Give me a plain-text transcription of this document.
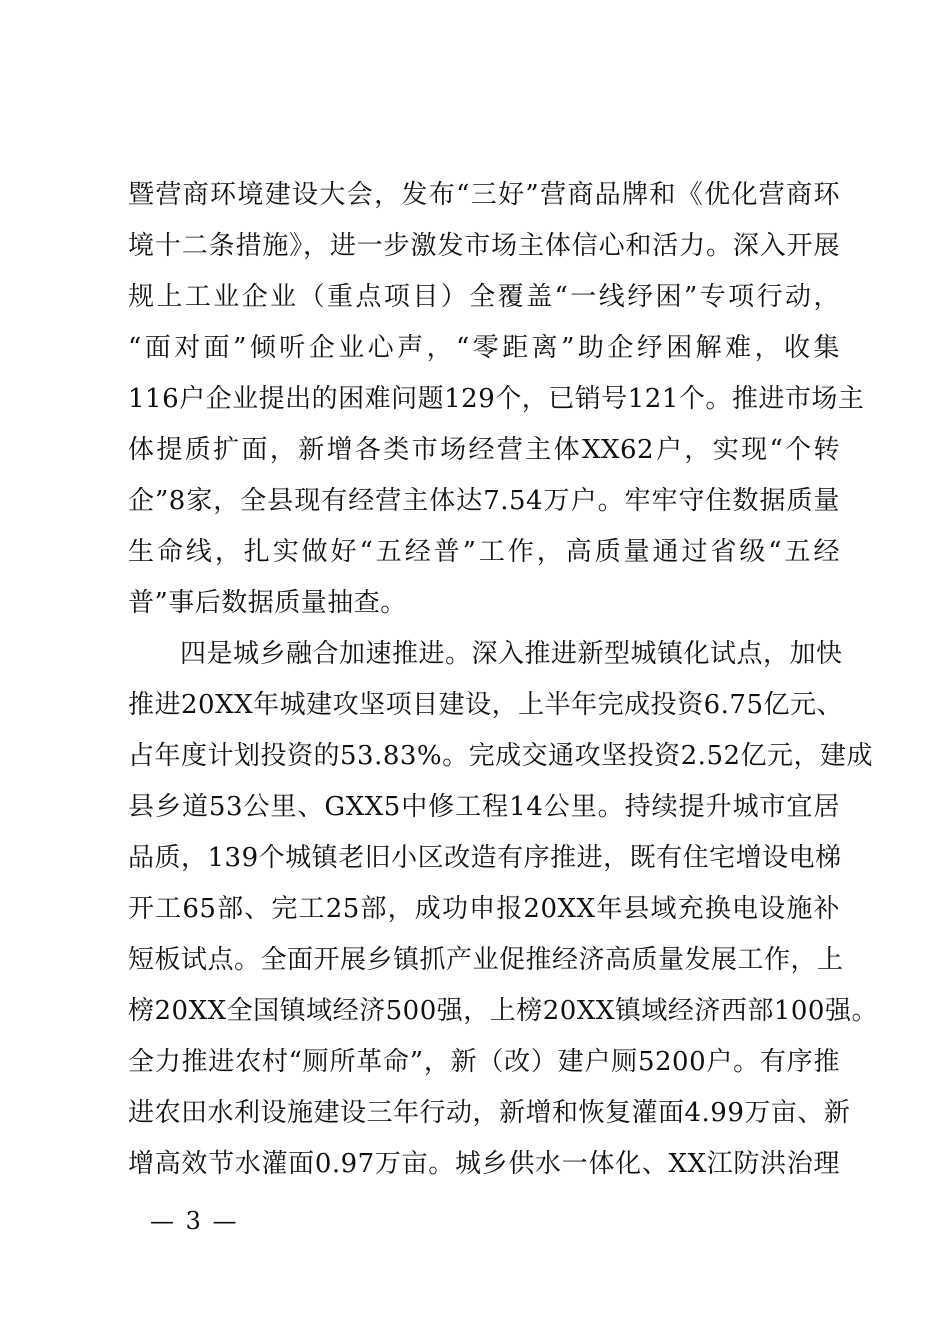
暨营商环境建设大会，发布“三好”营商品牌和《优化营商环
境十二条措施》，进一步激发市场主体信心和活力。深入开展
规上工业企业（重点项目）全覆盖“一线纾困”专项行动，
“面对面”倾听企业心声，“零距离”助企纾困解难，收集
116户企业提出的困难问题129个，已销号121个。推进市场主
体提质扩面，新增各类市场经营主体XX62户，实现“个转
企”8家，全县现有经营主体达7.54万户。牢牢守住数据质量
生命线，扎实做好“五经普”工作，高质量通过省级“五经
普”事后数据质量抽查。
四是城乡融合加速推进。深入推进新型城镇化试点，加快
推进20XX年城建攻坚项目建设，上半年完成投资6.75亿元、
占年度计划投资的53.83%。完成交通攻坚投资2.52亿元，建成
县乡道53公里、GXX5中修工程14公里。持续提升城市宜居
品质，139个城镇老旧小区改造有序推进，既有住宅增设电梯
开工65部、完工25部，成功申报20XX年县域充换电设施补
短板试点。全面开展乡镇抓产业促推经济高质量发展工作，上
榜20XX全国镇域经济500强，上榜20XX镇域经济西部100强。
全力推进农村“厕所革命”，新（改）建户厕5200户。有序推
进农田水利设施建设三年行动，新增和恢复灌面4.99万亩、新
增高效节水灌面0.97万亩。城乡供水一体化、XX江防洪治理
— 3 —
